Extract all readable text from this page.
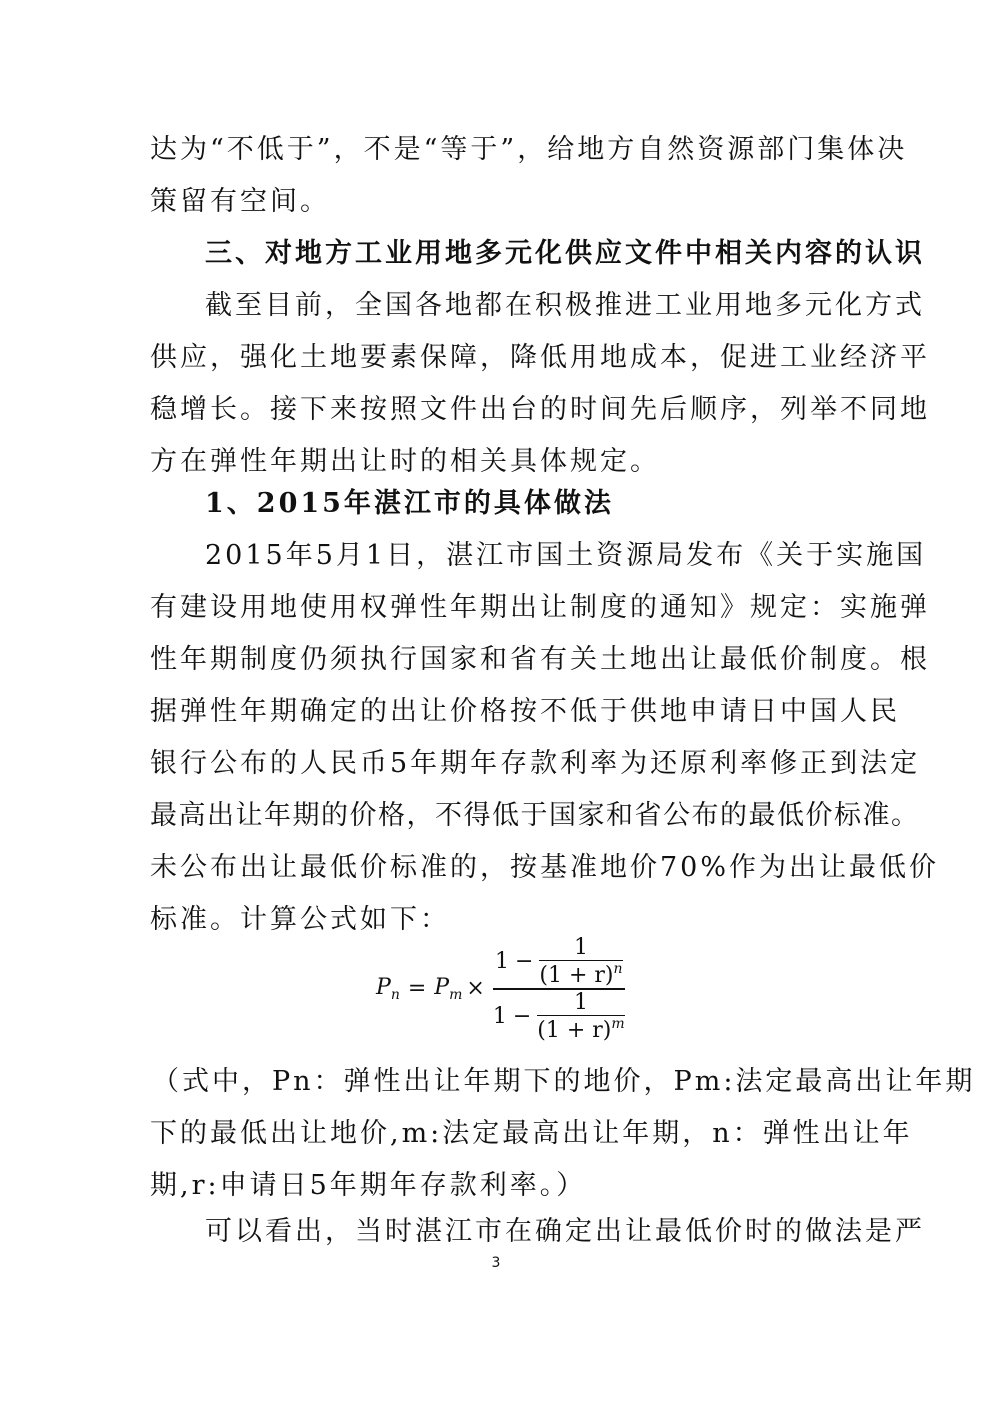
达为“不低于”，不是“等于”，给地方自然资源部门集体决
策留有空间。
三、对地方工业用地多元化供应文件中相关内容的认识
截至目前，全国各地都在积极推进工业用地多元化方式
供应，强化土地要素保障，降低用地成本，促进工业经济平
稳增长。接下来按照文件出台的时间先后顺序，列举不同地
方在弹性年期出让时的相关具体规定。
1、2015年湛江市的具体做法
2015年5月1日，湛江市国土资源局发布《关于实施国
有建设用地使用权弹性年期出让制度的通知》规定：实施弹
性年期制度仍须执行国家和省有关土地出让最低价制度。根
据弹性年期确定的出让价格按不低于供地申请日中国人民
银行公布的人民币5年期年存款利率为还原利率修正到法定
最高出让年期的价格，不得低于国家和省公布的最低价标准。
未公布出让最低价标准的，按基准地价70%作为出让最低价
标准。计算公式如下：
$P_n = P_m \times \frac{1 - \frac{1}{(1 + r)^n}}{1 - \frac{1}{(1 + r)^m}}$
（式中，Pn：弹性出让年期下的地价，Pm:法定最高出让年期
下的最低出让地价,m:法定最高出让年期，n：弹性出让年
期,r:申请日5年期年存款利率。）
可以看出，当时湛江市在确定出让最低价时的做法是严
3
